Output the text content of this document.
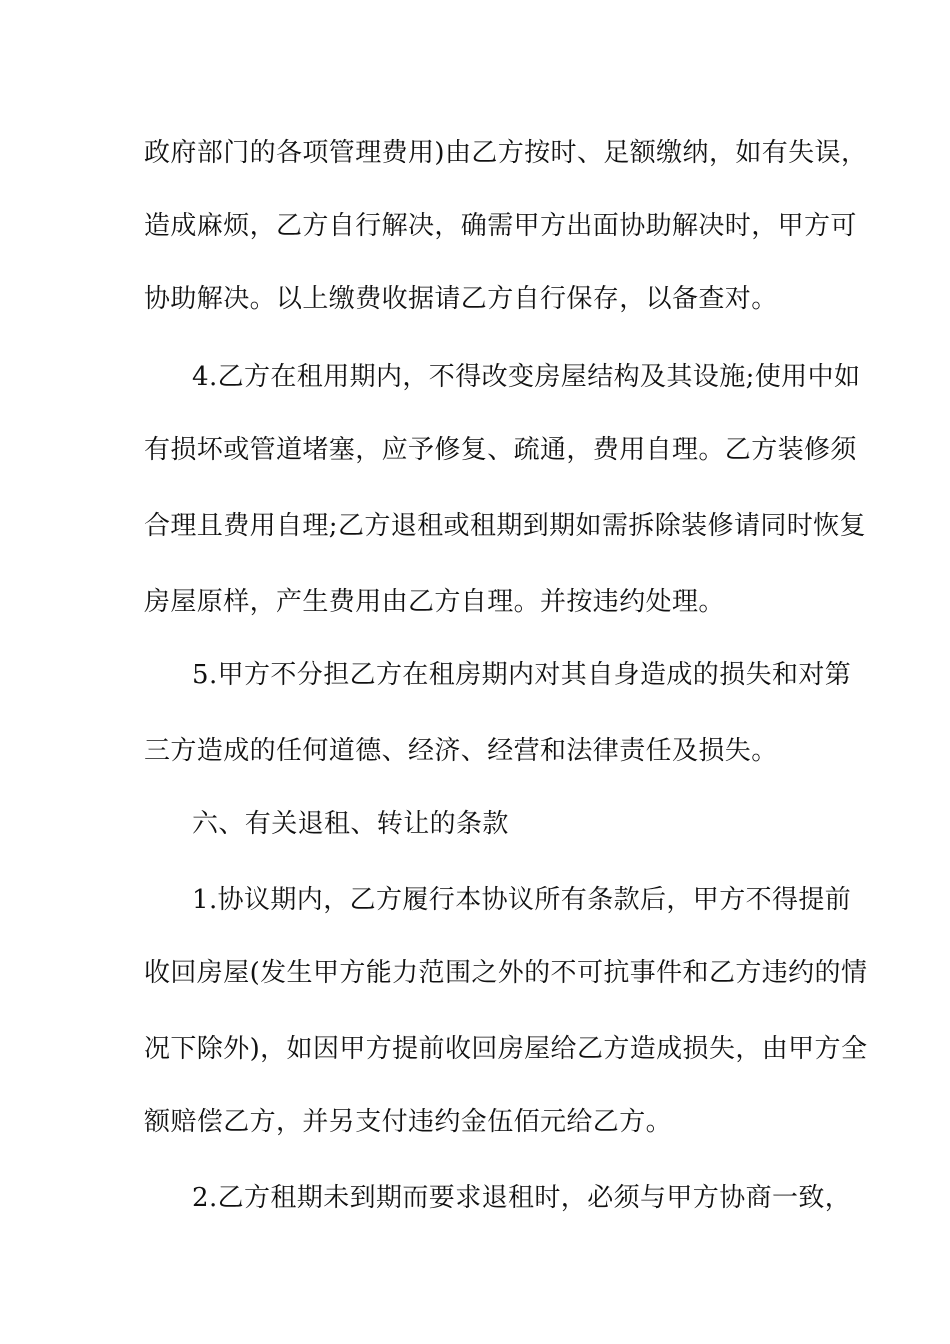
政府部门的各项管理费用)由乙方按时、足额缴纳，如有失误，
造成麻烦，乙方自行解决，确需甲方出面协助解决时，甲方可
协助解决。以上缴费收据请乙方自行保存，以备查对。
4.乙方在租用期内，不得改变房屋结构及其设施;使用中如
有损坏或管道堵塞，应予修复、疏通，费用自理。乙方装修须
合理且费用自理;乙方退租或租期到期如需拆除装修请同时恢复
房屋原样，产生费用由乙方自理。并按违约处理。
5.甲方不分担乙方在租房期内对其自身造成的损失和对第
三方造成的任何道德、经济、经营和法律责任及损失。
六、有关退租、转让的条款
1.协议期内，乙方履行本协议所有条款后，甲方不得提前
收回房屋(发生甲方能力范围之外的不可抗事件和乙方违约的情
况下除外)，如因甲方提前收回房屋给乙方造成损失，由甲方全
额赔偿乙方，并另支付违约金伍佰元给乙方。
2.乙方租期未到期而要求退租时，必须与甲方协商一致，
